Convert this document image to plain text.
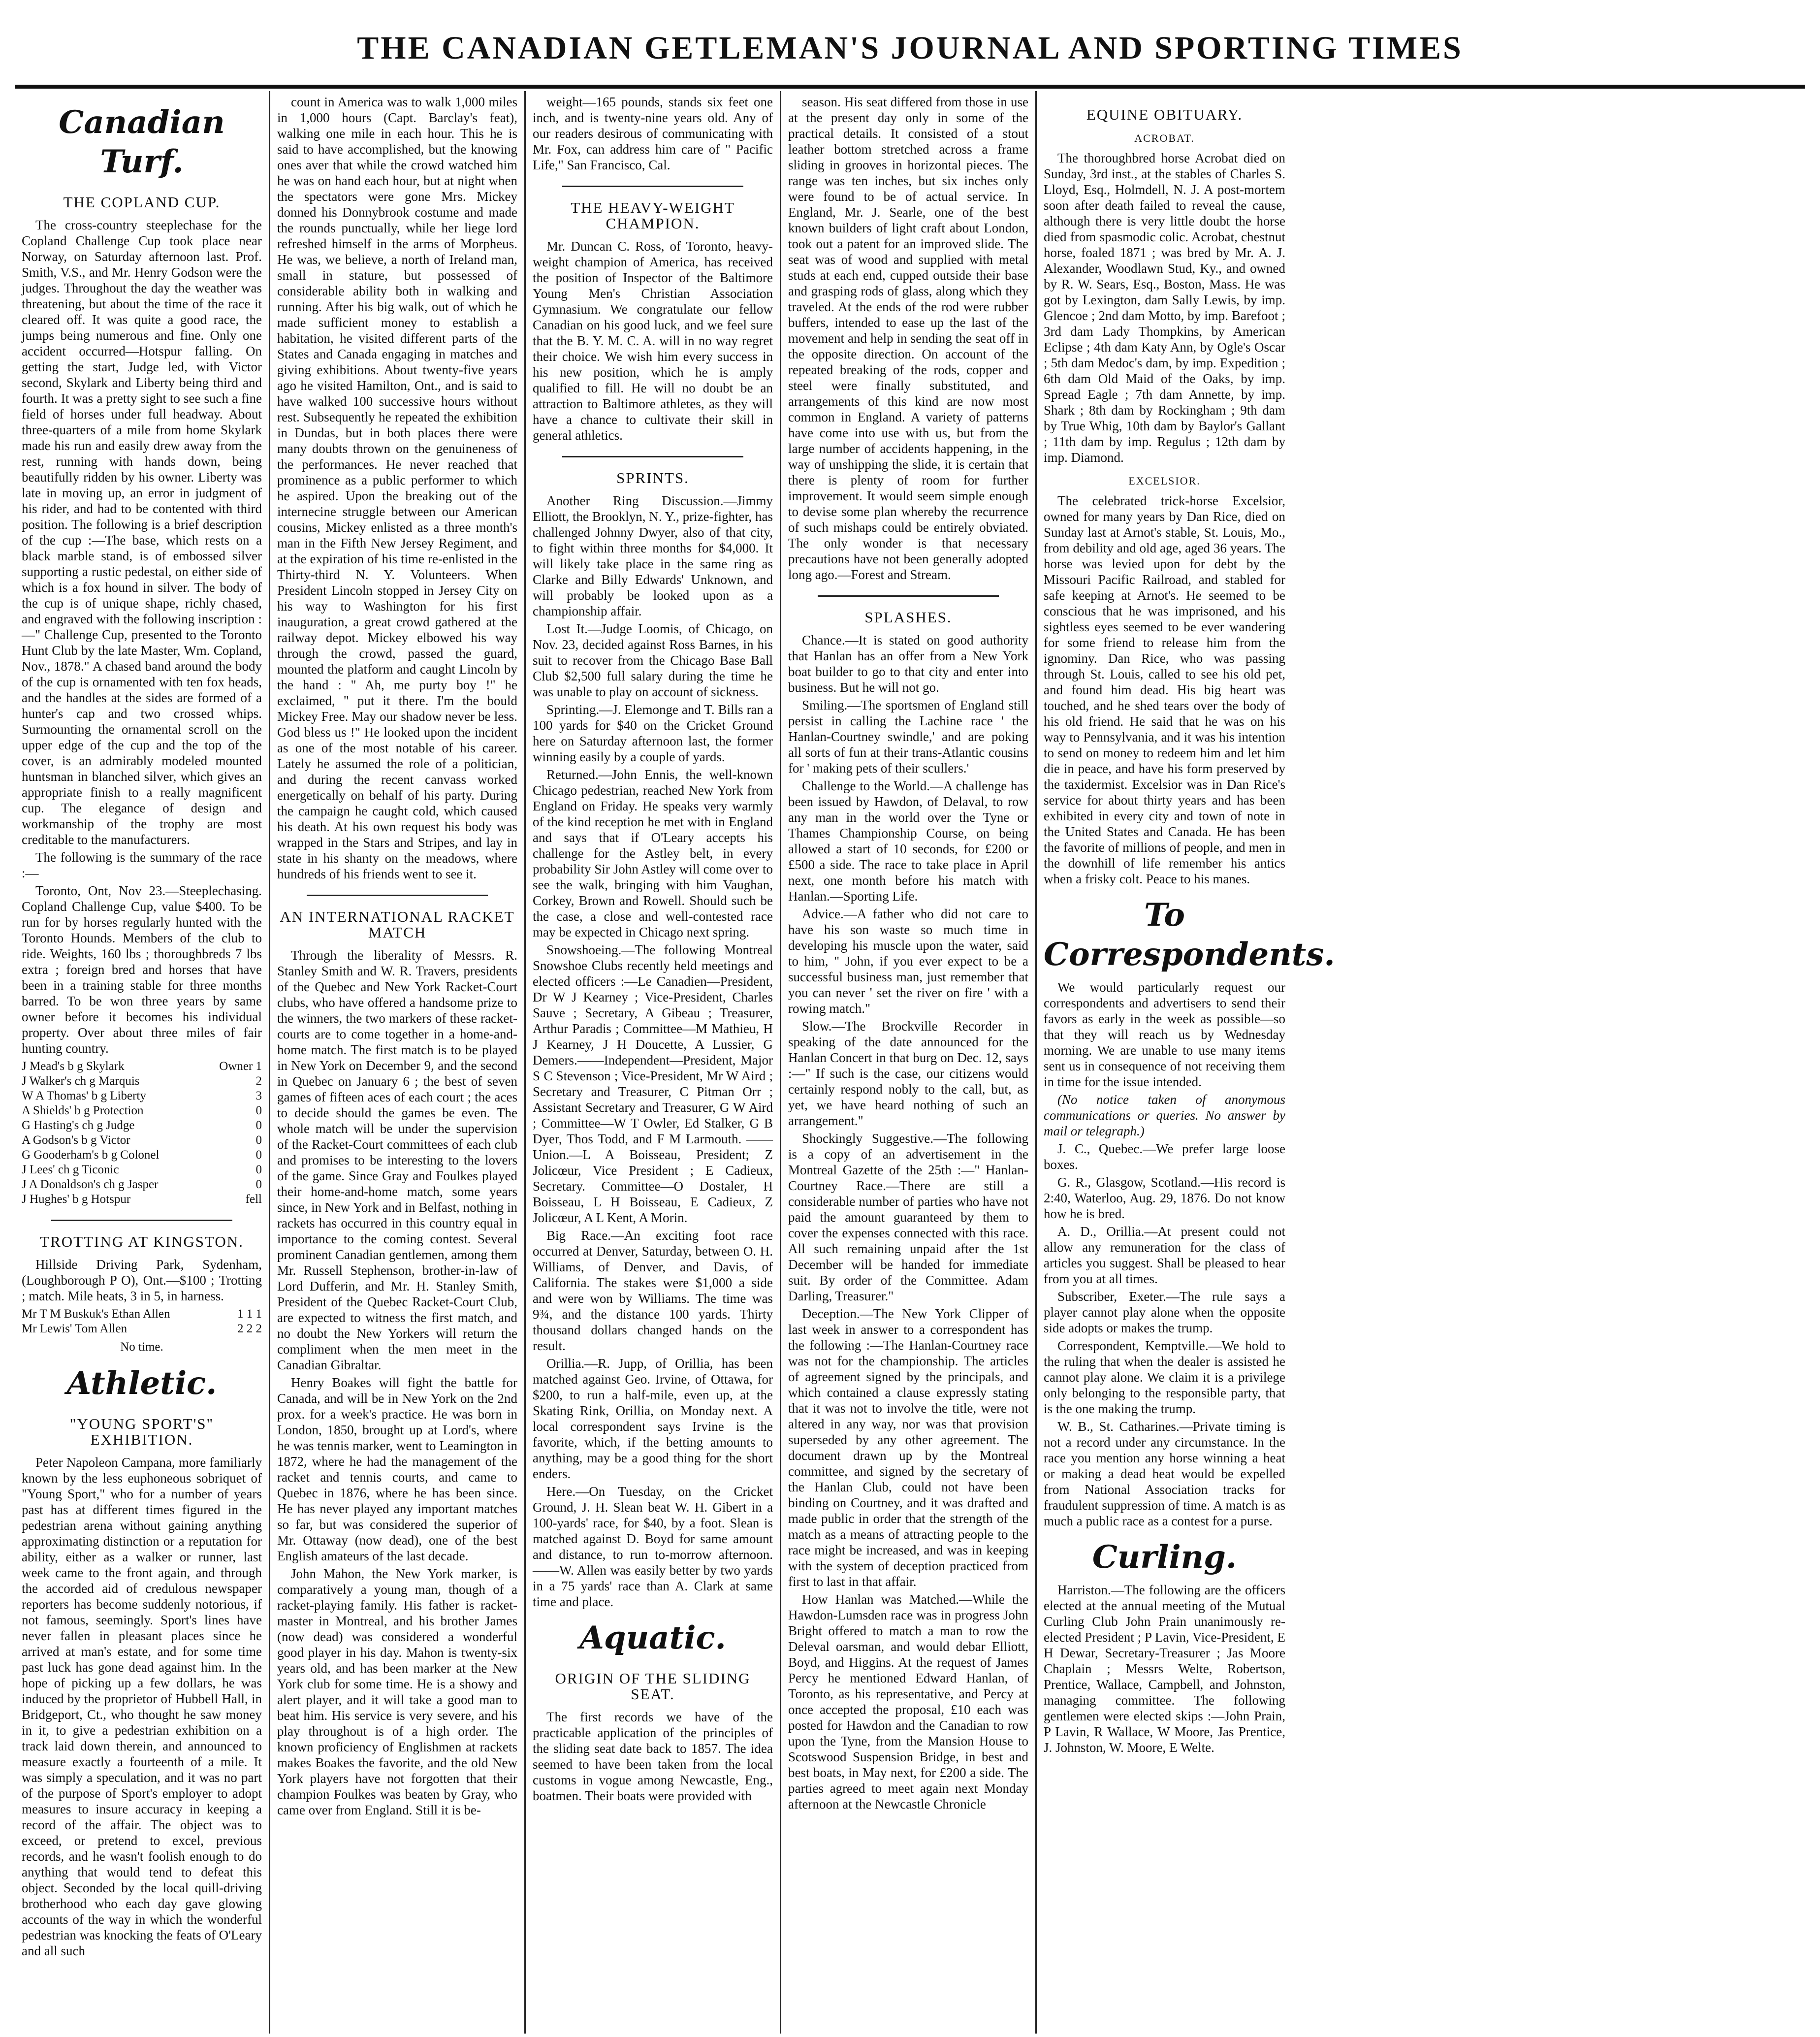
THE CANADIAN GETLEMAN'S JOURNAL AND SPORTING TIMES
Canadian Turf.
THE COPLAND CUP.

The cross-country steeplechase for the Copland Challenge Cup took place near Norway, on Saturday afternoon last. Prof. Smith, V.S., and Mr. Henry Godson were the judges. Throughout the day the weather was threatening, but about the time of the race it cleared off. It was quite a good race, the jumps being numerous and fine. Only one accident occurred—Hotspur falling. On getting the start, Judge led, with Victor second, Skylark and Liberty being third and fourth. It was a pretty sight to see such a fine field of horses under full headway. About three-quarters of a mile from home Skylark made his run and easily drew away from the rest, running with hands down, being beautifully ridden by his owner. Liberty was late in moving up, an error in judgment of his rider, and had to be contented with third position. The following is a brief description of the cup :—The base, which rests on a black marble stand, is of embossed silver supporting a rustic pedestal, on either side of which is a fox hound in silver. The body of the cup is of unique shape, richly chased, and engraved with the following inscription :—" Challenge Cup, presented to the Toronto Hunt Club by the late Master, Wm. Copland, Nov., 1878." A chased band around the body of the cup is ornamented with ten fox heads, and the handles at the sides are formed of a hunter's cap and two crossed whips. Surmounting the ornamental scroll on the upper edge of the cup and the top of the cover, is an admirably modeled mounted huntsman in blanched silver, which gives an appropriate finish to a really magnificent cup. The elegance of design and workmanship of the trophy are most creditable to the manufacturers.

The following is the summary of the race :—

Toronto, Ont, Nov 23.—Steeplechasing. Copland Challenge Cup, value $400. To be run for by horses regularly hunted with the Toronto Hounds. Members of the club to ride. Weights, 160 lbs ; thoroughbreds 7 lbs extra ; foreign bred and horses that have been in a training stable for three months barred. To be won three years by same owner before it becomes his individual property. Over about three miles of fair hunting country.

J Mead's b g Skylark	Owner 1
J Walker's ch g Marquis	2
W A Thomas' b g Liberty	3
A Shields' b g Protection	0
G Hasting's ch g Judge	0
A Godson's b g Victor	0
G Gooderham's b g Colonel	0
J Lees' ch g Ticonic	0
J A Donaldson's ch g Jasper	0
J Hughes' b g Hotspur	fell
TROTTING AT KINGSTON.

Hillside Driving Park, Sydenham, (Loughborough P O), Ont.—$100 ; Trotting ; match. Mile heats, 3 in 5, in harness.

Mr T M Buskuk's Ethan Allen	1 1 1
Mr Lewis' Tom Allen	2 2 2
No time.
Athletic.
"YOUNG SPORT'S" EXHIBITION.

Peter Napoleon Campana, more familiarly known by the less euphoneous sobriquet of "Young Sport," who for a number of years past has at different times figured in the pedestrian arena without gaining anything approximating distinction or a reputation for ability, either as a walker or runner, last week came to the front again, and through the accorded aid of credulous newspaper reporters has become suddenly notorious, if not famous, seemingly. Sport's lines have never fallen in pleasant places since he arrived at man's estate, and for some time past luck has gone dead against him. In the hope of picking up a few dollars, he was induced by the proprietor of Hubbell Hall, in Bridgeport, Ct., who thought he saw money in it, to give a pedestrian exhibition on a track laid down therein, and announced to measure exactly a fourteenth of a mile. It was simply a speculation, and it was no part of the purpose of Sport's employer to adopt measures to insure accuracy in keeping a record of the affair. The object was to exceed, or pretend to excel, previous records, and he wasn't foolish enough to do anything that would tend to defeat this object. Seconded by the local quill-driving brotherhood who each day gave glowing accounts of the way in which the wonderful pedestrian was knocking the feats of O'Leary and all such

count in America was to walk 1,000 miles in 1,000 hours (Capt. Barclay's feat), walking one mile in each hour. This he is said to have accomplished, but the knowing ones aver that while the crowd watched him he was on hand each hour, but at night when the spectators were gone Mrs. Mickey donned his Donnybrook costume and made the rounds punctually, while her liege lord refreshed himself in the arms of Morpheus. He was, we believe, a north of Ireland man, small in stature, but possessed of considerable ability both in walking and running. After his big walk, out of which he made sufficient money to establish a habitation, he visited different parts of the States and Canada engaging in matches and giving exhibitions. About twenty-five years ago he visited Hamilton, Ont., and is said to have walked 100 successive hours without rest. Subsequently he repeated the exhibition in Dundas, but in both places there were many doubts thrown on the genuineness of the performances. He never reached that prominence as a public performer to which he aspired. Upon the breaking out of the internecine struggle between our American cousins, Mickey enlisted as a three month's man in the Fifth New Jersey Regiment, and at the expiration of his time re-enlisted in the Thirty-third N. Y. Volunteers. When President Lincoln stopped in Jersey City on his way to Washington for his first inauguration, a great crowd gathered at the railway depot. Mickey elbowed his way through the crowd, passed the guard, mounted the platform and caught Lincoln by the hand : " Ah, me purty boy !" he exclaimed, " put it there. I'm the bould Mickey Free. May our shadow never be less. God bless us !" He looked upon the incident as one of the most notable of his career. Lately he assumed the role of a politician, and during the recent canvass worked energetically on behalf of his party. During the campaign he caught cold, which caused his death. At his own request his body was wrapped in the Stars and Stripes, and lay in state in his shanty on the meadows, where hundreds of his friends went to see it.

AN INTERNATIONAL RACKET MATCH

Through the liberality of Messrs. R. Stanley Smith and W. R. Travers, presidents of the Quebec and New York Racket-Court clubs, who have offered a handsome prize to the winners, the two markers of these racket-courts are to come together in a home-and-home match. The first match is to be played in New York on December 9, and the second in Quebec on January 6 ; the best of seven games of fifteen aces of each court ; the aces to decide should the games be even. The whole match will be under the supervision of the Racket-Court committees of each club and promises to be interesting to the lovers of the game. Since Gray and Foulkes played their home-and-home match, some years since, in New York and in Belfast, nothing in rackets has occurred in this country equal in importance to the coming contest. Several prominent Canadian gentlemen, among them Mr. Russell Stephenson, brother-in-law of Lord Dufferin, and Mr. H. Stanley Smith, President of the Quebec Racket-Court Club, are expected to witness the first match, and no doubt the New Yorkers will return the compliment when the men meet in the Canadian Gibraltar.

Henry Boakes will fight the battle for Canada, and will be in New York on the 2nd prox. for a week's practice. He was born in London, 1850, brought up at Lord's, where he was tennis marker, went to Leamington in 1872, where he had the management of the racket and tennis courts, and came to Quebec in 1876, where he has been since. He has never played any important matches so far, but was considered the superior of Mr. Ottaway (now dead), one of the best English amateurs of the last decade.

John Mahon, the New York marker, is comparatively a young man, though of a racket-playing family. His father is racket-master in Montreal, and his brother James (now dead) was considered a wonderful good player in his day. Mahon is twenty-six years old, and has been marker at the New York club for some time. He is a showy and alert player, and it will take a good man to beat him. His service is very severe, and his play throughout is of a high order. The known proficiency of Englishmen at rackets makes Boakes the favorite, and the old New York players have not forgotten that their champion Foulkes was beaten by Gray, who came over from England. Still it is be-

weight—165 pounds, stands six feet one inch, and is twenty-nine years old. Any of our readers desirous of communicating with Mr. Fox, can address him care of " Pacific Life," San Francisco, Cal.

THE HEAVY-WEIGHT CHAMPION.

Mr. Duncan C. Ross, of Toronto, heavy-weight champion of America, has received the position of Inspector of the Baltimore Young Men's Christian Association Gymnasium. We congratulate our fellow Canadian on his good luck, and we feel sure that the B. Y. M. C. A. will in no way regret their choice. We wish him every success in his new position, which he is amply qualified to fill. He will no doubt be an attraction to Baltimore athletes, as they will have a chance to cultivate their skill in general athletics.

SPRINTS.

Another Ring Discussion.—Jimmy Elliott, the Brooklyn, N. Y., prize-fighter, has challenged Johnny Dwyer, also of that city, to fight within three months for $4,000. It will likely take place in the same ring as Clarke and Billy Edwards' Unknown, and will probably be looked upon as a championship affair.

Lost It.—Judge Loomis, of Chicago, on Nov. 23, decided against Ross Barnes, in his suit to recover from the Chicago Base Ball Club $2,500 full salary during the time he was unable to play on account of sickness.

Sprinting.—J. Elemonge and T. Bills ran a 100 yards for $40 on the Cricket Ground here on Saturday afternoon last, the former winning easily by a couple of yards.

Returned.—John Ennis, the well-known Chicago pedestrian, reached New York from England on Friday. He speaks very warmly of the kind reception he met with in England and says that if O'Leary accepts his challenge for the Astley belt, in every probability Sir John Astley will come over to see the walk, bringing with him Vaughan, Corkey, Brown and Rowell. Should such be the case, a close and well-contested race may be expected in Chicago next spring.

Snowshoeing.—The following Montreal Snowshoe Clubs recently held meetings and elected officers :—Le Canadien—President, Dr W J Kearney ; Vice-President, Charles Sauve ; Secretary, A Gibeau ; Treasurer, Arthur Paradis ; Committee—M Mathieu, H J Kearney, J H Doucette, A Lussier, G Demers.——Independent—President, Major S C Stevenson ; Vice-President, Mr W Aird ; Secretary and Treasurer, C Pitman Orr ; Assistant Secretary and Treasurer, G W Aird ; Committee—W T Owler, Ed Stalker, G B Dyer, Thos Todd, and F M Larmouth. ——Union.—L A Boisseau, President; Z Jolicœur, Vice President ; E Cadieux, Secretary. Committee—O Dostaler, H Boisseau, L H Boisseau, E Cadieux, Z Jolicœur, A L Kent, A Morin.

Big Race.—An exciting foot race occurred at Denver, Saturday, between O. H. Williams, of Denver, and Davis, of California. The stakes were $1,000 a side and were won by Williams. The time was 9¾, and the distance 100 yards. Thirty thousand dollars changed hands on the result.

Orillia.—R. Jupp, of Orillia, has been matched against Geo. Irvine, of Ottawa, for $200, to run a half-mile, even up, at the Skating Rink, Orillia, on Monday next. A local correspondent says Irvine is the favorite, which, if the betting amounts to anything, may be a good thing for the short enders.

Here.—On Tuesday, on the Cricket Ground, J. H. Slean beat W. H. Gibert in a 100-yards' race, for $40, by a foot. Slean is matched against D. Boyd for same amount and distance, to run to-morrow afternoon. ——W. Allen was easily better by two yards in a 75 yards' race than A. Clark at same time and place.

Aquatic.
ORIGIN OF THE SLIDING SEAT.

The first records we have of the practicable application of the principles of the sliding seat date back to 1857. The idea seemed to have been taken from the local customs in vogue among Newcastle, Eng., boatmen. Their boats were provided with

season. His seat differed from those in use at the present day only in some of the practical details. It consisted of a stout leather bottom stretched across a frame sliding in grooves in horizontal pieces. The range was ten inches, but six inches only were found to be of actual service. In England, Mr. J. Searle, one of the best known builders of light craft about London, took out a patent for an improved slide. The seat was of wood and supplied with metal studs at each end, cupped outside their base and grasping rods of glass, along which they traveled. At the ends of the rod were rubber buffers, intended to ease up the last of the movement and help in sending the seat off in the opposite direction. On account of the repeated breaking of the rods, copper and steel were finally substituted, and arrangements of this kind are now most common in England. A variety of patterns have come into use with us, but from the large number of accidents happening, in the way of unshipping the slide, it is certain that there is plenty of room for further improvement. It would seem simple enough to devise some plan whereby the recurrence of such mishaps could be entirely obviated. The only wonder is that necessary precautions have not been generally adopted long ago.—Forest and Stream.

SPLASHES.

Chance.—It is stated on good authority that Hanlan has an offer from a New York boat builder to go to that city and enter into business. But he will not go.

Smiling.—The sportsmen of England still persist in calling the Lachine race ' the Hanlan-Courtney swindle,' and are poking all sorts of fun at their trans-Atlantic cousins for ' making pets of their scullers.'

Challenge to the World.—A challenge has been issued by Hawdon, of Delaval, to row any man in the world over the Tyne or Thames Championship Course, on being allowed a start of 10 seconds, for £200 or £500 a side. The race to take place in April next, one month before his match with Hanlan.—Sporting Life.

Advice.—A father who did not care to have his son waste so much time in developing his muscle upon the water, said to him, " John, if you ever expect to be a successful business man, just remember that you can never ' set the river on fire ' with a rowing match."

Slow.—The Brockville Recorder in speaking of the date announced for the Hanlan Concert in that burg on Dec. 12, says :—" If such is the case, our citizens would certainly respond nobly to the call, but, as yet, we have heard nothing of such an arrangement."

Shockingly Suggestive.—The following is a copy of an advertisement in the Montreal Gazette of the 25th :—" Hanlan-Courtney Race.—There are still a considerable number of parties who have not paid the amount guaranteed by them to cover the expenses connected with this race. All such remaining unpaid after the 1st December will be handed for immediate suit. By order of the Committee. Adam Darling, Treasurer."

Deception.—The New York Clipper of last week in answer to a correspondent has the following :—The Hanlan-Courtney race was not for the championship. The articles of agreement signed by the principals, and which contained a clause expressly stating that it was not to involve the title, were not altered in any way, nor was that provision superseded by any other agreement. The document drawn up by the Montreal committee, and signed by the secretary of the Hanlan Club, could not have been binding on Courtney, and it was drafted and made public in order that the strength of the match as a means of attracting people to the race might be increased, and was in keeping with the system of deception practiced from first to last in that affair.

How Hanlan was Matched.—While the Hawdon-Lumsden race was in progress John Bright offered to match a man to row the Deleval oarsman, and would debar Elliott, Boyd, and Higgins. At the request of James Percy he mentioned Edward Hanlan, of Toronto, as his representative, and Percy at once accepted the proposal, £10 each was posted for Hawdon and the Canadian to row upon the Tyne, from the Mansion House to Scotswood Suspension Bridge, in best and best boats, in May next, for £200 a side. The parties agreed to meet again next Monday afternoon at the Newcastle Chronicle

EQUINE OBITUARY.
ACROBAT.

The thoroughbred horse Acrobat died on Sunday, 3rd inst., at the stables of Charles S. Lloyd, Esq., Holmdell, N. J. A post-mortem soon after death failed to reveal the cause, although there is very little doubt the horse died from spasmodic colic. Acrobat, chestnut horse, foaled 1871 ; was bred by Mr. A. J. Alexander, Woodlawn Stud, Ky., and owned by R. W. Sears, Esq., Boston, Mass. He was got by Lexington, dam Sally Lewis, by imp. Glencoe ; 2nd dam Motto, by imp. Barefoot ; 3rd dam Lady Thompkins, by American Eclipse ; 4th dam Katy Ann, by Ogle's Oscar ; 5th dam Medoc's dam, by imp. Expedition ; 6th dam Old Maid of the Oaks, by imp. Spread Eagle ; 7th dam Annette, by imp. Shark ; 8th dam by Rockingham ; 9th dam by True Whig, 10th dam by Baylor's Gallant ; 11th dam by imp. Regulus ; 12th dam by imp. Diamond.

EXCELSIOR.

The celebrated trick-horse Excelsior, owned for many years by Dan Rice, died on Sunday last at Arnot's stable, St. Louis, Mo., from debility and old age, aged 36 years. The horse was levied upon for debt by the Missouri Pacific Railroad, and stabled for safe keeping at Arnot's. He seemed to be conscious that he was imprisoned, and his sightless eyes seemed to be ever wandering for some friend to release him from the ignominy. Dan Rice, who was passing through St. Louis, called to see his old pet, and found him dead. His big heart was touched, and he shed tears over the body of his old friend. He said that he was on his way to Pennsylvania, and it was his intention to send on money to redeem him and let him die in peace, and have his form preserved by the taxidermist. Excelsior was in Dan Rice's service for about thirty years and has been exhibited in every city and town of note in the United States and Canada. He has been the favorite of millions of people, and men in the downhill of life remember his antics when a frisky colt. Peace to his manes.

To Correspondents.

We would particularly request our correspondents and advertisers to send their favors as early in the week as possible—so that they will reach us by Wednesday morning. We are unable to use many items sent us in consequence of not receiving them in time for the issue intended.

(No notice taken of anonymous communications or queries. No answer by mail or telegraph.)

J. C., Quebec.—We prefer large loose boxes.

G. R., Glasgow, Scotland.—His record is 2:40, Waterloo, Aug. 29, 1876. Do not know how he is bred.

A. D., Orillia.—At present could not allow any remuneration for the class of articles you suggest. Shall be pleased to hear from you at all times.

Subscriber, Exeter.—The rule says a player cannot play alone when the opposite side adopts or makes the trump.

Correspondent, Kemptville.—We hold to the ruling that when the dealer is assisted he cannot play alone. We claim it is a privilege only belonging to the responsible party, that is the one making the trump.

W. B., St. Catharines.—Private timing is not a record under any circumstance. In the race you mention any horse winning a heat or making a dead heat would be expelled from National Association tracks for fraudulent suppression of time. A match is as much a public race as a contest for a purse.

Curling.

Harriston.—The following are the officers elected at the annual meeting of the Mutual Curling Club John Prain unanimously re-elected President ; P Lavin, Vice-President, E H Dewar, Secretary-Treasurer ; Jas Moore Chaplain ; Messrs Welte, Robertson, Prentice, Wallace, Campbell, and Johnston, managing committee. The following gentlemen were elected skips :—John Prain, P Lavin, R Wallace, W Moore, Jas Prentice, J. Johnston, W. Moore, E Welte.
